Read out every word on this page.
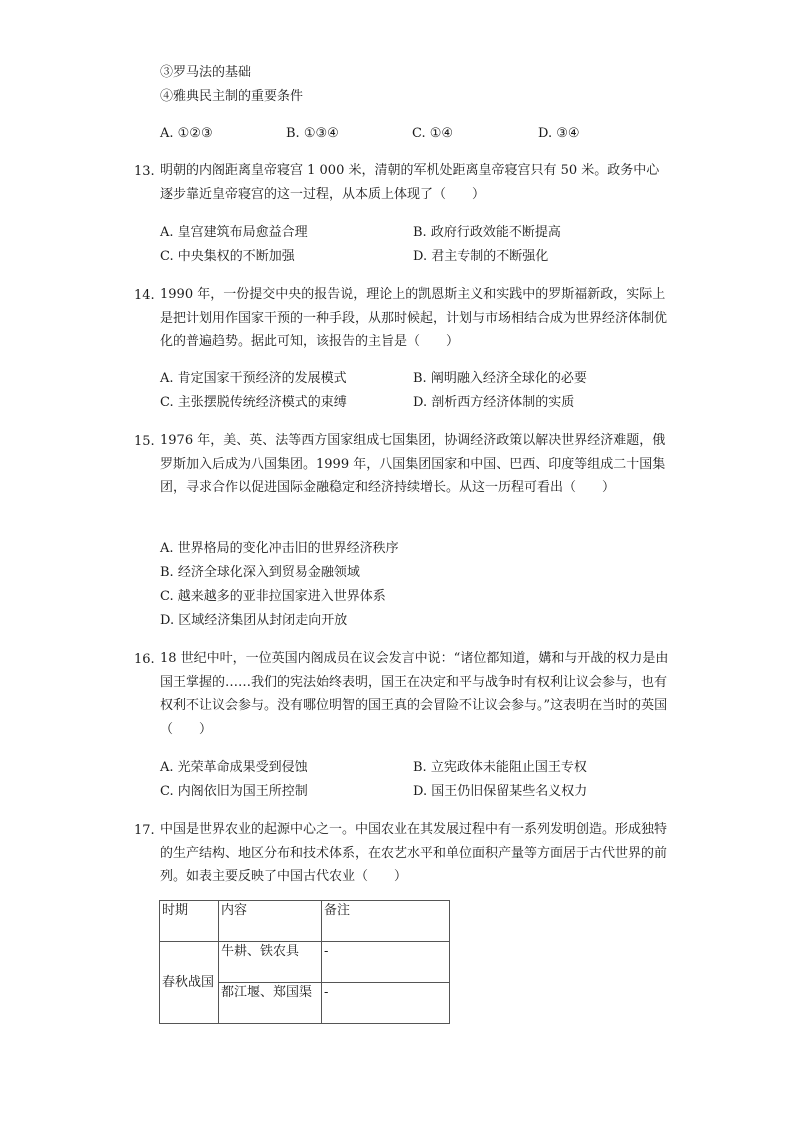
③罗马法的基础
④雅典民主制的重要条件
A. ①②③	B. ①③④	C. ①④	D. ③④
13. 明朝的内阁距离皇帝寝宫 1 000 米，清朝的军机处距离皇帝寝宫只有 50 米。政务中心逐步靠近皇帝寝宫的这一过程，从本质上体现了（　　）
A. 皇宫建筑布局愈益合理	B. 政府行政效能不断提高
C. 中央集权的不断加强	D. 君主专制的不断强化
14. 1990 年，一份提交中央的报告说，理论上的凯恩斯主义和实践中的罗斯福新政，实际上是把计划用作国家干预的一种手段，从那时候起，计划与市场相结合成为世界经济体制优化的普遍趋势。据此可知，该报告的主旨是（　　）
A. 肯定国家干预经济的发展模式	B. 阐明融入经济全球化的必要
C. 主张摆脱传统经济模式的束缚	D. 剖析西方经济体制的实质
15. 1976 年，美、英、法等西方国家组成七国集团，协调经济政策以解决世界经济难题，俄罗斯加入后成为八国集团。1999 年，八国集团国家和中国、巴西、印度等组成二十国集团，寻求合作以促进国际金融稳定和经济持续增长。从这一历程可看出（　　）
A. 世界格局的变化冲击旧的世界经济秩序
B. 经济全球化深入到贸易金融领域
C. 越来越多的亚非拉国家进入世界体系
D. 区域经济集团从封闭走向开放
16. 18 世纪中叶，一位英国内阁成员在议会发言中说：“诸位都知道，媾和与开战的权力是由国王掌握的……我们的宪法始终表明，国王在决定和平与战争时有权利让议会参与，也有权利不让议会参与。没有哪位明智的国王真的会冒险不让议会参与。”这表明在当时的英国（　　）
A. 光荣革命成果受到侵蚀	B. 立宪政体未能阻止国王专权
C. 内阁依旧为国王所控制	D. 国王仍旧保留某些名义权力
17. 中国是世界农业的起源中心之一。中国农业在其发展过程中有一系列发明创造。形成独特的生产结构、地区分布和技术体系，在农艺水平和单位面积产量等方面居于古代世界的前列。如表主要反映了中国古代农业（　　）
时期	内容	备注
春秋战国	牛耕、铁农具	-
	都江堰、郑国渠	-
